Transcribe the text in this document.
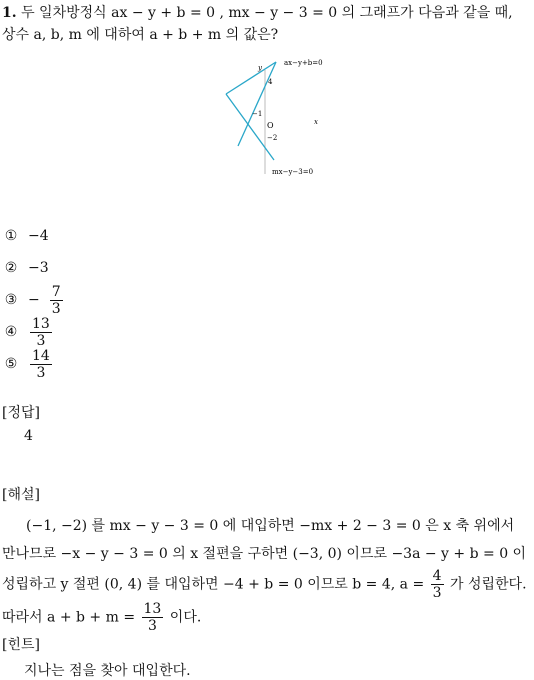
1. 두 일차방정식 ax − y + b = 0 , mx − y − 3 = 0 의 그래프가 다음과 같을 때,
상수 a, b, m 에 대하여 a + b + m 의 값은?
y
ax−y+b=0
4
−1
O
−2
x
mx−y−3=0
① −4
② −3
③ − $\frac{7}{3}$
④ $\frac{13}{3}$
⑤ $\frac{14}{3}$
[정답]
4
[해설]
(−1, −2) 를 mx − y − 3 = 0 에 대입하면 −mx + 2 − 3 = 0 은 x 축 위에서
만나므로 −x − y − 3 = 0 의 x 절편을 구하면 (−3, 0) 이므로 −3a − y + b = 0 이
성립하고 y 절편 (0, 4) 를 대입하면 −4 + b = 0 이므로 b = 4, $a = \frac{4}{3}$ 가 성립한다.
따라서 $a + b + m = \frac{13}{3}$ 이다.
[힌트]
지나는 점을 찾아 대입한다.
